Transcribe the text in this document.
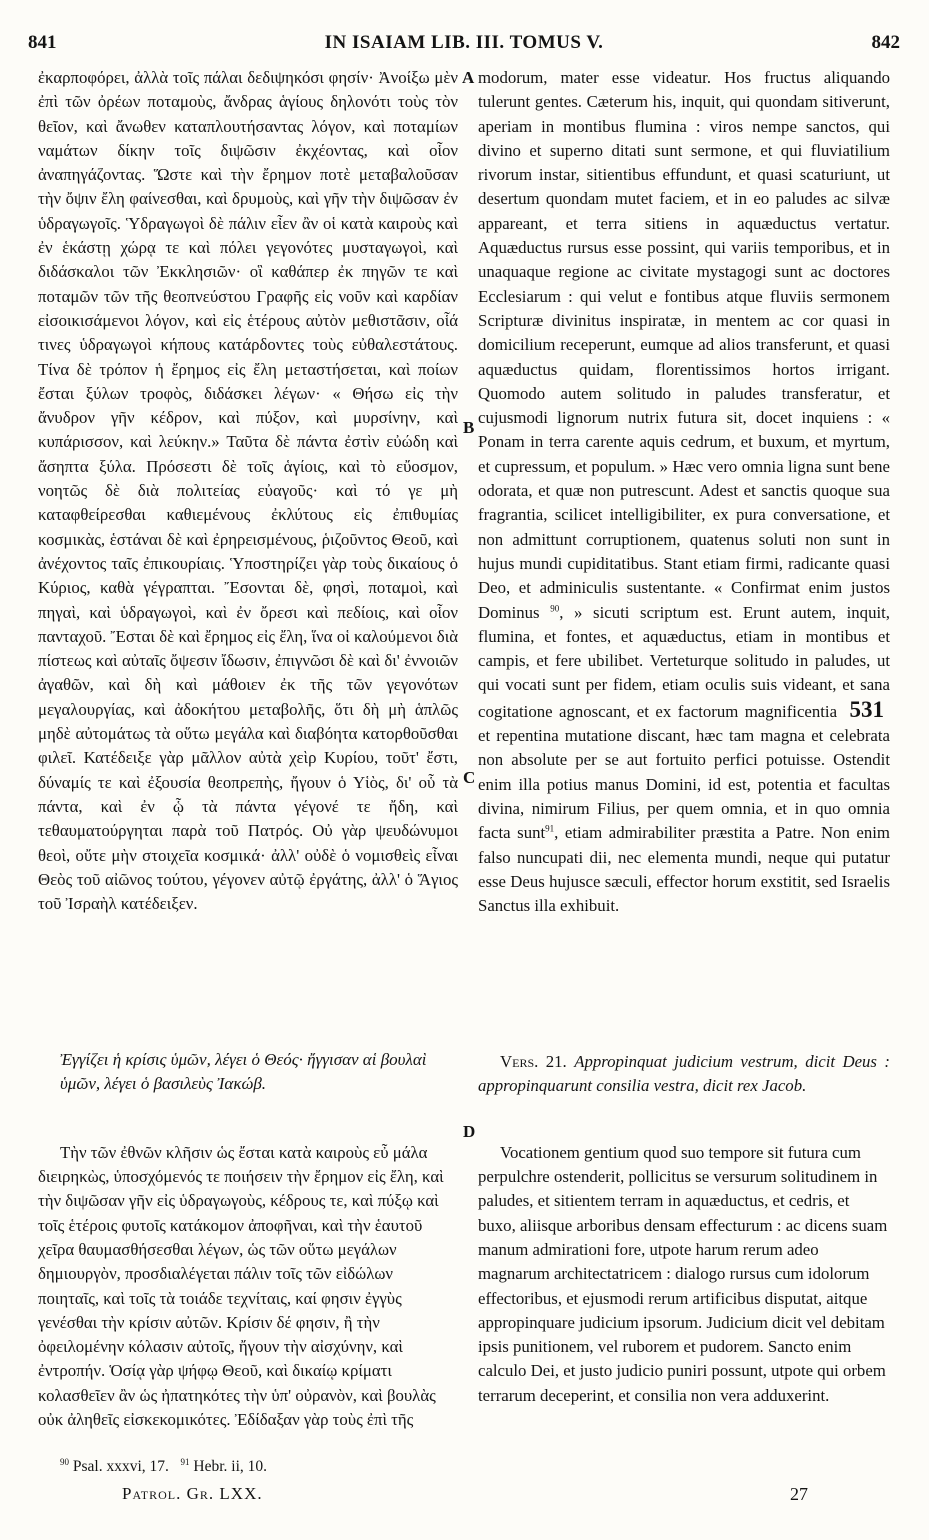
841	IN ISAIAM LIB. III. TOMUS V.	842
A
B
C
D

ἐκαρποφόρει, ἀλλὰ τοῖς πάλαι δεδιψηκόσι φησίν· Ἀνοίξω μὲν ἐπὶ τῶν ὀρέων ποταμοὺς, ἄνδρας ἁγίους δηλονότι τοὺς τὸν θεῖον, καὶ ἄνωθεν καταπλουτήσαντας λόγον, καὶ ποταμίων ναμάτων δίκην τοῖς διψῶσιν ἐκχέοντας, καὶ οἷον ἀναπηγάζοντας. Ὥστε καὶ τὴν ἔρημον ποτὲ μεταβαλοῦσαν τὴν ὄψιν ἔλη φαίνεσθαι, καὶ δρυμοὺς, καὶ γῆν τὴν διψῶσαν ἐν ὑδραγωγοῖς. Ὑδραγωγοὶ δὲ πάλιν εἶεν ἂν οἱ κατὰ καιροὺς καὶ ἐν ἑκάστῃ χώρᾳ τε καὶ πόλει γεγονότες μυσταγωγοὶ, καὶ διδάσκαλοι τῶν Ἐκκλησιῶν· οἳ καθάπερ ἐκ πηγῶν τε καὶ ποταμῶν τῶν τῆς θεοπνεύστου Γραφῆς εἰς νοῦν καὶ καρδίαν εἰσοικισάμενοι λόγον, καὶ εἰς ἑτέρους αὐτὸν μεθιστᾶσιν, οἷά τινες ὑδραγωγοὶ κήπους κατάρδοντες τοὺς εὐθαλεστάτους. Τίνα δὲ τρόπον ἡ ἔρημος εἰς ἔλη μεταστήσεται, καὶ ποίων ἔσται ξύλων τροφὸς, διδάσκει λέγων· « Θήσω εἰς τὴν ἄνυδρον γῆν κέδρον, καὶ πύξον, καὶ μυρσίνην, καὶ κυπάρισσον, καὶ λεύκην.» Ταῦτα δὲ πάντα ἐστὶν εὐώδη καὶ ἄσηπτα ξύλα. Πρόσεστι δὲ τοῖς ἁγίοις, καὶ τὸ εὔοσμον, νοητῶς δὲ διὰ πολιτείας εὐαγοῦς· καὶ τό γε μὴ καταφθείρεσθαι καθιεμένους ἐκλύτους εἰς ἐπιθυμίας κοσμικὰς, ἑστάναι δὲ καὶ ἐρηρεισμένους, ῥιζοῦντος Θεοῦ, καὶ ἀνέχοντος ταῖς ἐπικουρίαις. Ὑποστηρίζει γὰρ τοὺς δικαίους ὁ Κύριος, καθὰ γέγραπται. Ἔσονται δὲ, φησὶ, ποταμοὶ, καὶ πηγαὶ, καὶ ὑδραγωγοὶ, καὶ ἐν ὄρεσι καὶ πεδίοις, καὶ οἷον πανταχοῦ. Ἔσται δὲ καὶ ἔρημος εἰς ἔλη, ἵνα οἱ καλούμενοι διὰ πίστεως καὶ αὐταῖς ὄψεσιν ἴδωσιν, ἐπιγνῶσι δὲ καὶ δι' ἐννοιῶν ἀγαθῶν, καὶ δὴ καὶ μάθοιεν ἐκ τῆς τῶν γεγονότων μεγαλουργίας, καὶ ἀδοκήτου μεταβολῆς, ὅτι δὴ μὴ ἁπλῶς μηδὲ αὐτομάτως τὰ οὕτω μεγάλα καὶ διαβόητα κατορθοῦσθαι φιλεῖ. Κατέδειξε γὰρ μᾶλλον αὐτὰ χεὶρ Κυρίου, τοῦτ' ἔστι, δύναμίς τε καὶ ἐξουσία θεοπρεπὴς, ἤγουν ὁ Υἱὸς, δι' οὗ τὰ πάντα, καὶ ἐν ᾧ τὰ πάντα γέγονέ τε ἤδη, καὶ τεθαυματούργηται παρὰ τοῦ Πατρός. Οὐ γὰρ ψευδώνυμοι θεοὶ, οὔτε μὴν στοιχεῖα κοσμικά· ἀλλ' οὐδὲ ὁ νομισθεὶς εἶναι Θεὸς τοῦ αἰῶνος τούτου, γέγονεν αὐτῷ ἐργάτης, ἀλλ' ὁ Ἅγιος τοῦ Ἰσραὴλ κατέδειξεν.

Ἐγγίζει ἡ κρίσις ὑμῶν, λέγει ὁ Θεός· ἤγγισαν αἱ βουλαὶ ὑμῶν, λέγει ὁ βασιλεὺς Ἰακώβ.

Τὴν τῶν ἐθνῶν κλῆσιν ὡς ἔσται κατὰ καιροὺς εὖ μάλα διειρηκὼς, ὑποσχόμενός τε ποιήσειν τὴν ἔρημον εἰς ἔλη, καὶ τὴν διψῶσαν γῆν εἰς ὑδραγωγοὺς, κέδρους τε, καὶ πύξῳ καὶ τοῖς ἑτέροις φυτοῖς κατάκομον ἀποφῆναι, καὶ τὴν ἑαυτοῦ χεῖρα θαυμασθήσεσθαι λέγων, ὡς τῶν οὕτω μεγάλων δημιουργὸν, προσδιαλέγεται πάλιν τοῖς τῶν εἰδώλων ποιηταῖς, καὶ τοῖς τὰ τοιάδε τεχνίταις, καί φησιν ἐγγὺς γενέσθαι τὴν κρίσιν αὐτῶν. Κρίσιν δέ φησιν, ἢ τὴν ὀφειλομένην κόλασιν αὐτοῖς, ἤγουν τὴν αἰσχύνην, καὶ ἐντροπήν. Ὁσίᾳ γὰρ ψήφῳ Θεοῦ, καὶ δικαίῳ κρίματι κολασθεῖεν ἂν ὡς ἠπατηκότες τὴν ὑπ' οὐρανὸν, καὶ βουλὰς οὐκ ἀληθεῖς εἰσκεκομικότες. Ἐδίδαξαν γὰρ τοὺς ἐπὶ τῆς

modorum, mater esse videatur. Hos fructus aliquando tulerunt gentes. Cæterum his, inquit, qui quondam sitiverunt, aperiam in montibus flumina : viros nempe sanctos, qui divino et superno ditati sunt sermone, et qui fluviatilium rivorum instar, sitientibus effundunt, et quasi scaturiunt, ut desertum quondam mutet faciem, et in eo paludes ac silvæ appareant, et terra sitiens in aquæductus vertatur. Aquæductus rursus esse possint, qui variis temporibus, et in unaquaque regione ac civitate mystagogi sunt ac doctores Ecclesiarum : qui velut e fontibus atque fluviis sermonem Scripturæ divinitus inspiratæ, in mentem ac cor quasi in domicilium receperunt, eumque ad alios transferunt, et quasi aquæductus quidam, florentissimos hortos irrigant. Quomodo autem solitudo in paludes transferatur, et cujusmodi lignorum nutrix futura sit, docet inquiens : « Ponam in terra carente aquis cedrum, et buxum, et myrtum, et cupressum, et populum. » Hæc vero omnia ligna sunt bene odorata, et quæ non putrescunt. Adest et sanctis quoque sua fragrantia, scilicet intelligibiliter, ex pura conversatione, et non admittunt corruptionem, quatenus soluti non sunt in hujus mundi cupiditatibus. Stant etiam firmi, radicante quasi Deo, et adminiculis sustentante. « Confirmat enim justos Dominus $^{90}$, » sicuti scriptum est. Erunt autem, inquit, flumina, et fontes, et aquæductus, etiam in montibus et campis, et fere ubilibet. Verteturque solitudo in paludes, ut qui vocati sunt per fidem, etiam oculis suis videant, et sana cogitatione agnoscant, et ex factorum magnificentia 531 et repentina mutatione discant, hæc tam magna et celebrata non absolute per se aut fortuito perfici potuisse. Ostendit enim illa potius manus Domini, id est, potentia et facultas divina, nimirum Filius, per quem omnia, et in quo omnia facta sunt$^{91}$, etiam admirabiliter præstita a Patre. Non enim falso nuncupati dii, nec elementa mundi, neque qui putatur esse Deus hujusce sæculi, effector horum exstitit, sed Israelis Sanctus illa exhibuit.

Vers. 21. Appropinquat judicium vestrum, dicit Deus : appropinquarunt consilia vestra, dicit rex Jacob.

Vocationem gentium quod suo tempore sit futura cum perpulchre ostenderit, pollicitus se versurum solitudinem in paludes, et sitientem terram in aquæductus, et cedris, et buxo, aliisque arboribus densam effecturum : ac dicens suam manum admirationi fore, utpote harum rerum adeo magnarum architectatricem : dialogo rursus cum idolorum effectoribus, et ejusmodi rerum artificibus disputat, aitque appropinquare judicium ipsorum. Judicium dicit vel debitam ipsis punitionem, vel ruborem et pudorem. Sancto enim calculo Dei, et justo judicio puniri possunt, utpote qui orbem terrarum deceperint, et consilia non vera adduxerint.

$^{90}$ Psal. xxxvi, 17. $^{91}$ Hebr. ii, 10.
Patrol. Gr. LXX.	27
